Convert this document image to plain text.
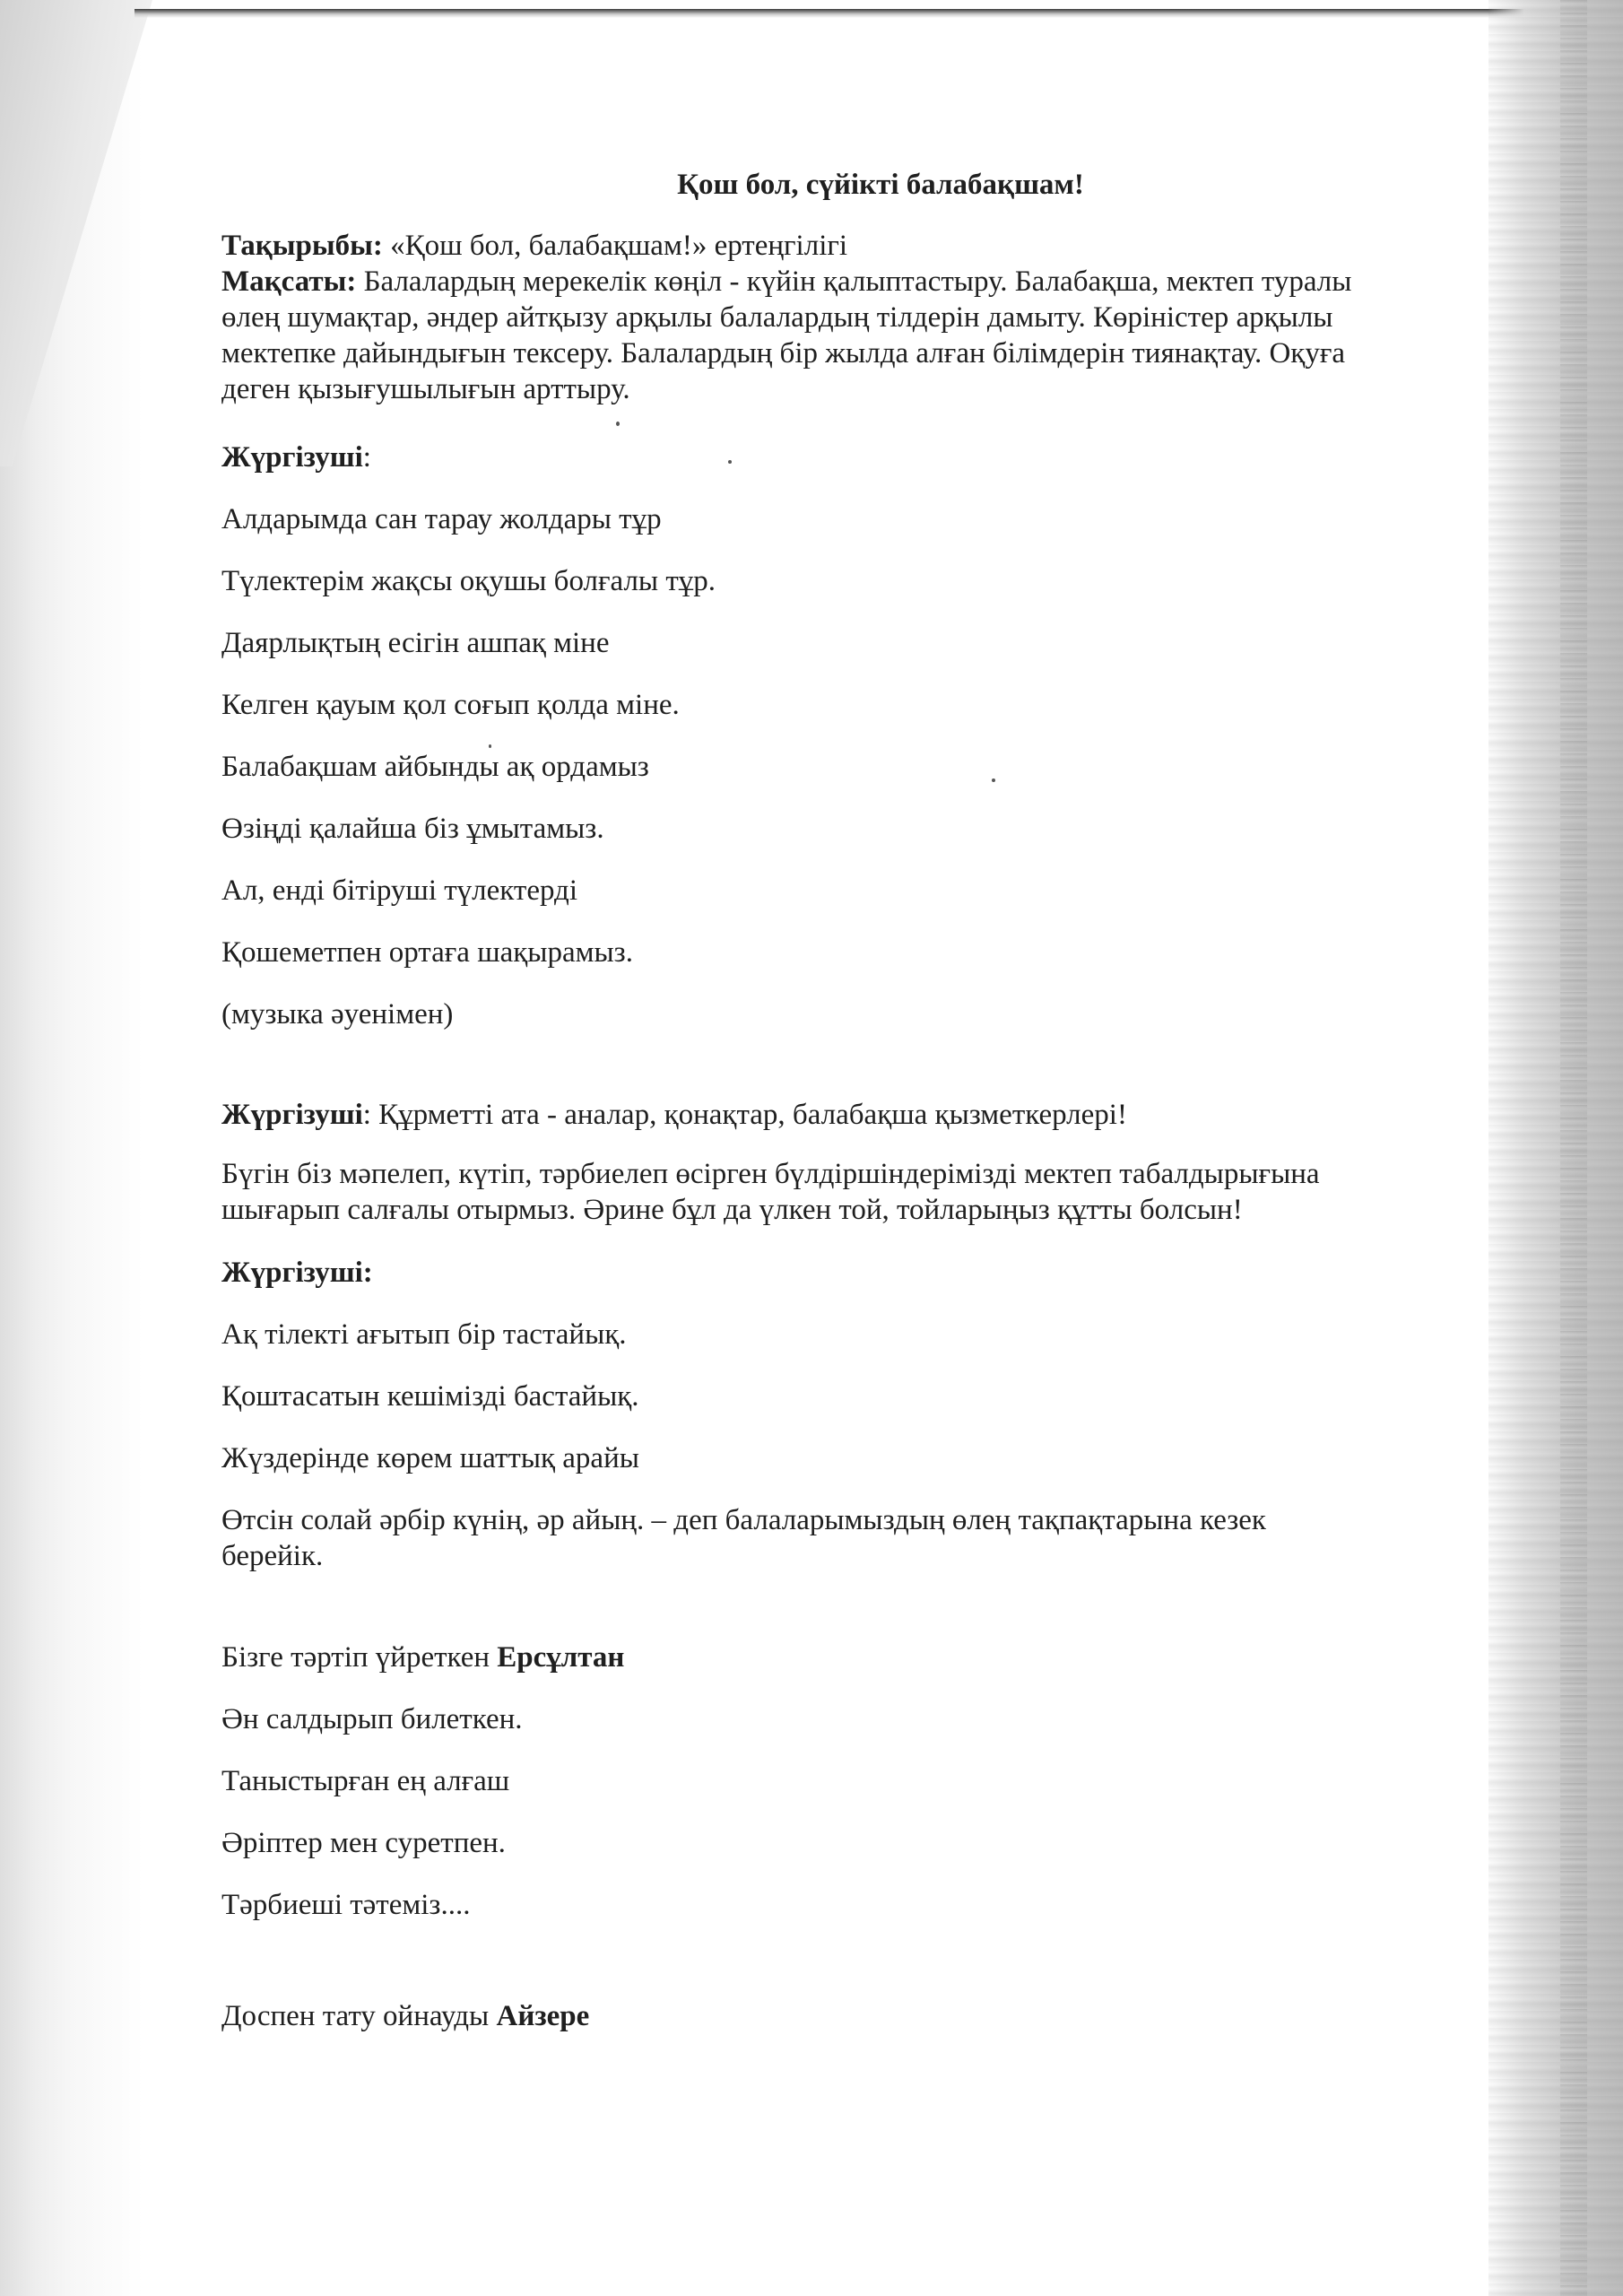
Қош бол, сүйікті балабақшам!
Тақырыбы: «Қош бол, балабақшам!» ертеңгілігі
Мақсаты: Балалардың мерекелік көңіл - күйін қалыптастыру. Балабақша, мектеп туралы
өлең шумақтар, әндер айтқызу арқылы балалардың тілдерін дамыту. Көріністер арқылы
мектепке дайындығын тексеру. Балалардың бір жылда алған білімдерін тиянақтау. Оқуға
деген қызығушылығын арттыру.
Жүргізуші:
Алдарымда сан тарау жолдары тұр
Түлектерім жақсы оқушы болғалы тұр.
Даярлықтың есігін ашпақ міне
Келген қауым қол соғып қолда міне.
Балабақшам айбынды ақ ордамыз
Өзіңді қалайша біз ұмытамыз.
Ал, енді бітіруші түлектерді
Қошеметпен ортаға шақырамыз.
(музыка әуенімен)
Жүргізуші: Құрметті ата - аналар, қонақтар, балабақша қызметкерлері!
Бүгін біз мәпелеп, күтіп, тәрбиелеп өсірген бүлдіршіндерімізді мектеп табалдырығына
шығарып салғалы отырмыз. Әрине бұл да үлкен той, тойларыңыз құтты болсын!
Жүргізуші:
Ақ тілекті ағытып бір тастайық.
Қоштасатын кешімізді бастайық.
Жүздерінде көрем шаттық арайы
Өтсін солай әрбір күнің, әр айың. – деп балаларымыздың өлең тақпақтарына кезек
берейік.
Бізге тәртіп үйреткен Ерсұлтан
Ән салдырып билеткен.
Таныстырған ең алғаш
Әріптер мен суретпен.
Тәрбиеші тәтеміз....
Доспен тату ойнауды Айзере
